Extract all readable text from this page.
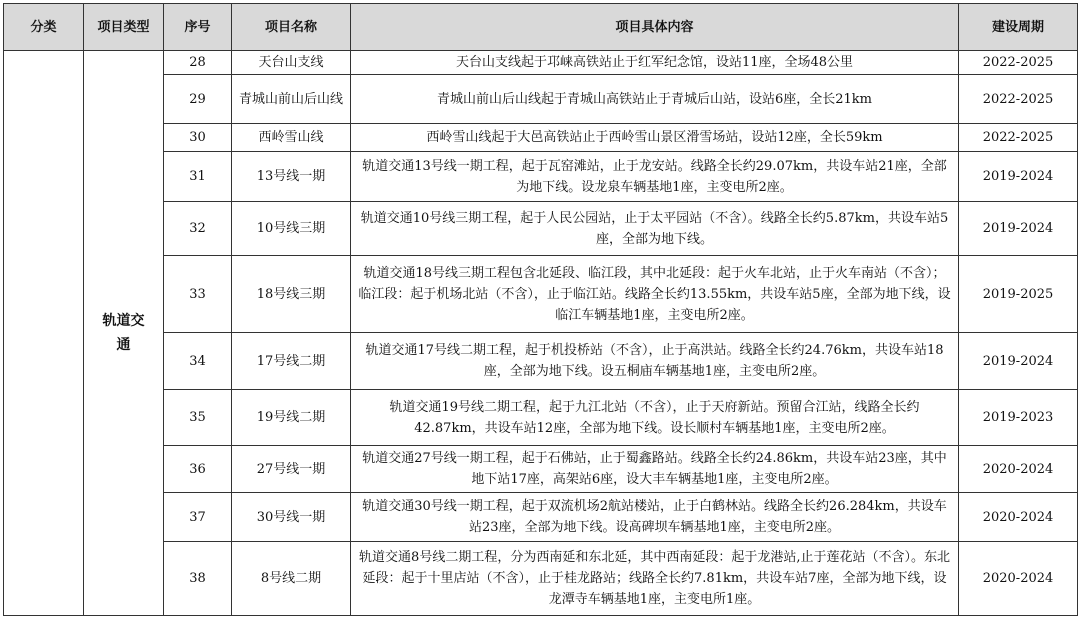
分类	项目类型	序号	项目名称	项目具体内容	建设周期
	轨道交通	28	天台山支线	天台山支线起于邛崃高铁站止于红军纪念馆，设站11座，全场48公里	2022-2025
		29	青城山前山后山线	青城山前山后山线起于青城山高铁站止于青城后山站，设站6座，全长21km	2022-2025
		30	西岭雪山线	西岭雪山线起于大邑高铁站止于西岭雪山景区滑雪场站，设站12座，全长59km	2022-2025
		31	13号线一期	轨道交通13号线一期工程，起于瓦窑滩站，止于龙安站。线路全长约29.07km，共设车站21座，全部为地下线。设龙泉车辆基地1座，主变电所2座。	2019-2024
		32	10号线三期	轨道交通10号线三期工程，起于人民公园站，止于太平园站（不含）。线路全长约5.87km，共设车站5座，全部为地下线。	2019-2024
		33	18号线三期	轨道交通18号线三期工程包含北延段、临江段，其中北延段：起于火车北站，止于火车南站（不含）；临江段：起于机场北站（不含），止于临江站。线路全长约13.55km，共设车站5座，全部为地下线，设临江车辆基地1座，主变电所2座。	2019-2025
		34	17号线二期	轨道交通17号线二期工程，起于机投桥站（不含），止于高洪站。线路全长约24.76km，共设车站18座，全部为地下线。设五桐庙车辆基地1座，主变电所2座。	2019-2024
		35	19号线二期	轨道交通19号线二期工程，起于九江北站（不含），止于天府新站。预留合江站，线路全长约42.87km，共设车站12座，全部为地下线。设长顺村车辆基地1座，主变电所2座。	2019-2023
		36	27号线一期	轨道交通27号线一期工程，起于石佛站，止于蜀鑫路站。线路全长约24.86km，共设车站23座，其中地下站17座，高架站6座，设大丰车辆基地1座，主变电所2座。	2020-2024
		37	30号线一期	轨道交通30号线一期工程，起于双流机场2航站楼站，止于白鹤林站。线路全长约26.284km，共设车站23座，全部为地下线。设高碑坝车辆基地1座，主变电所2座。	2020-2024
		38	8号线二期	轨道交通8号线二期工程，分为西南延和东北延，其中西南延段：起于龙港站,止于莲花站（不含）。东北延段：起于十里店站（不含），止于桂龙路站；线路全长约7.81km，共设车站7座，全部为地下线，设龙潭寺车辆基地1座，主变电所1座。	2020-2024
